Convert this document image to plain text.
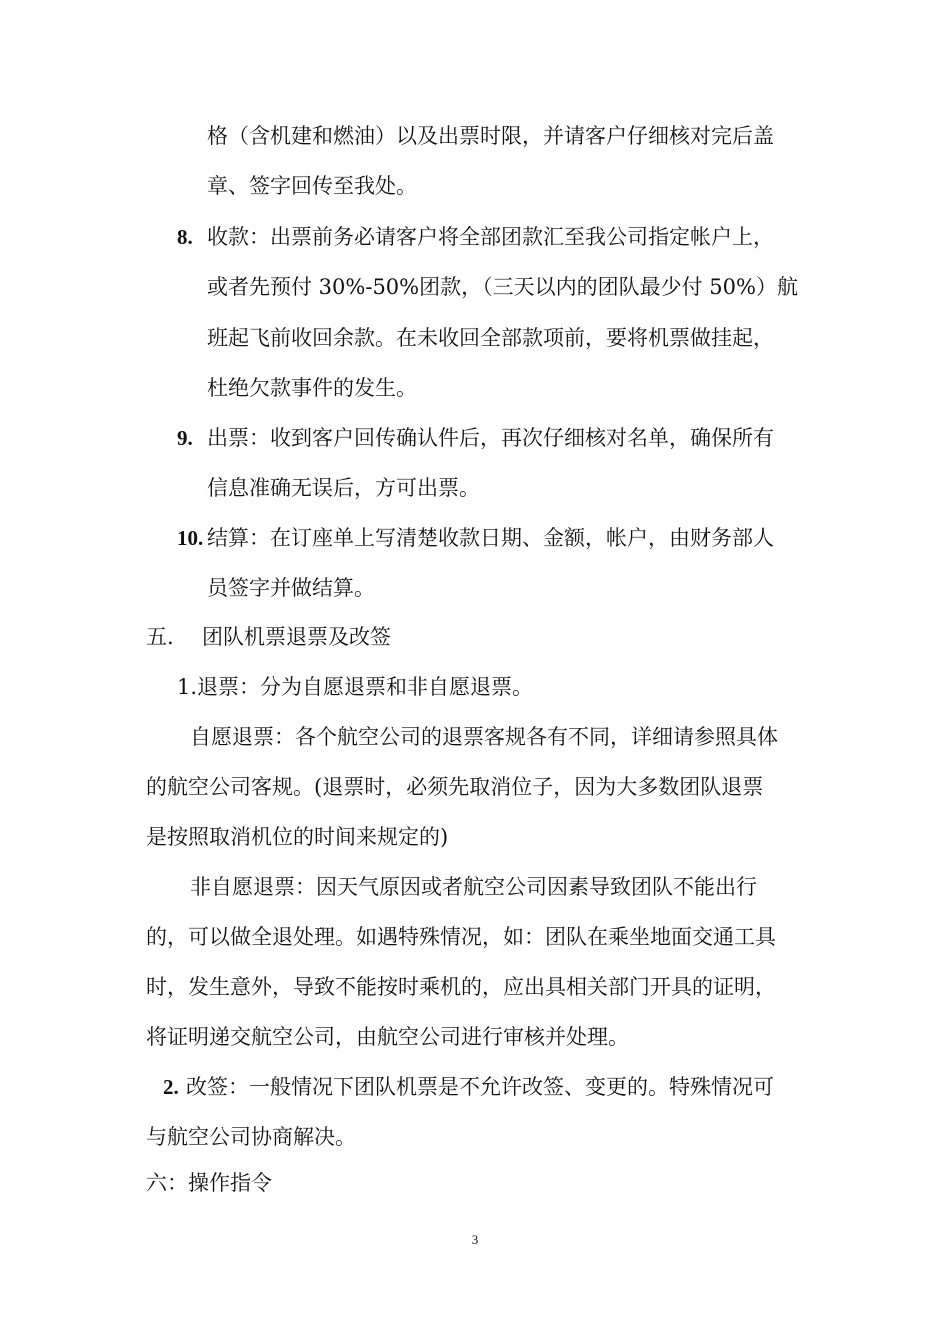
格（含机建和燃油）以及出票时限，并请客户仔细核对完后盖
章、签字回传至我处。
8. 收款：出票前务必请客户将全部团款汇至我公司指定帐户上，
或者先预付 30%-50%团款，（三天以内的团队最少付 50%）航
班起飞前收回余款。在未收回全部款项前，要将机票做挂起，
杜绝欠款事件的发生。
9. 出票：收到客户回传确认件后，再次仔细核对名单，确保所有
信息准确无误后，方可出票。
10. 结算：在订座单上写清楚收款日期、金额，帐户，由财务部人
员签字并做结算。
五. 团队机票退票及改签
1.退票：分为自愿退票和非自愿退票。
自愿退票：各个航空公司的退票客规各有不同，详细请参照具体
的航空公司客规。(退票时，必须先取消位子，因为大多数团队退票
是按照取消机位的时间来规定的)
非自愿退票：因天气原因或者航空公司因素导致团队不能出行
的，可以做全退处理。如遇特殊情况，如：团队在乘坐地面交通工具
时，发生意外，导致不能按时乘机的，应出具相关部门开具的证明，
将证明递交航空公司，由航空公司进行审核并处理。
2. 改签：一般情况下团队机票是不允许改签、变更的。特殊情况可
与航空公司协商解决。
六：操作指令
3
